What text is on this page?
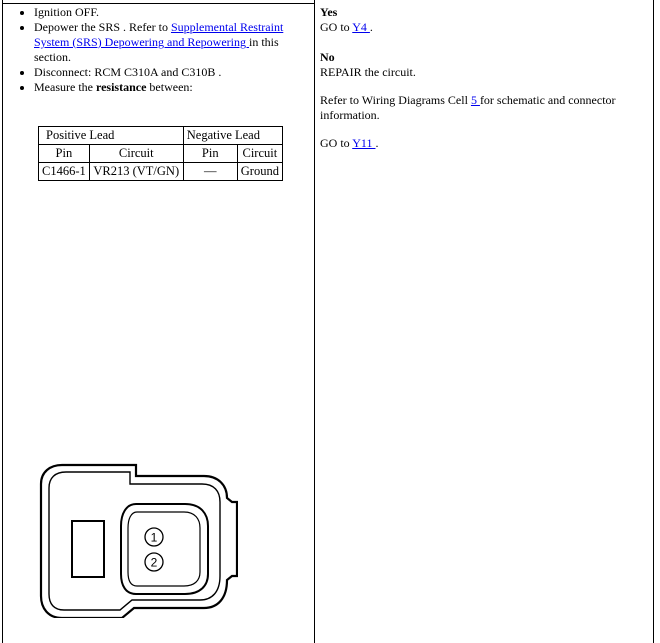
• Ignition OFF.
• Depower the SRS . Refer to Supplemental Restraint System (SRS) Depowering and Repowering in this section.
• Disconnect: RCM C310A and C310B .
• Measure the resistance between:
Positive Lead		Negative Lead	
Pin	Circuit	Pin	Circuit
C1466-1	VR213 (VT/GN)	—	Ground
1
2
Yes
GO to Y4 .
No
REPAIR the circuit.
Refer to Wiring Diagrams Cell 5 for schematic and connector information.
GO to Y11 .
